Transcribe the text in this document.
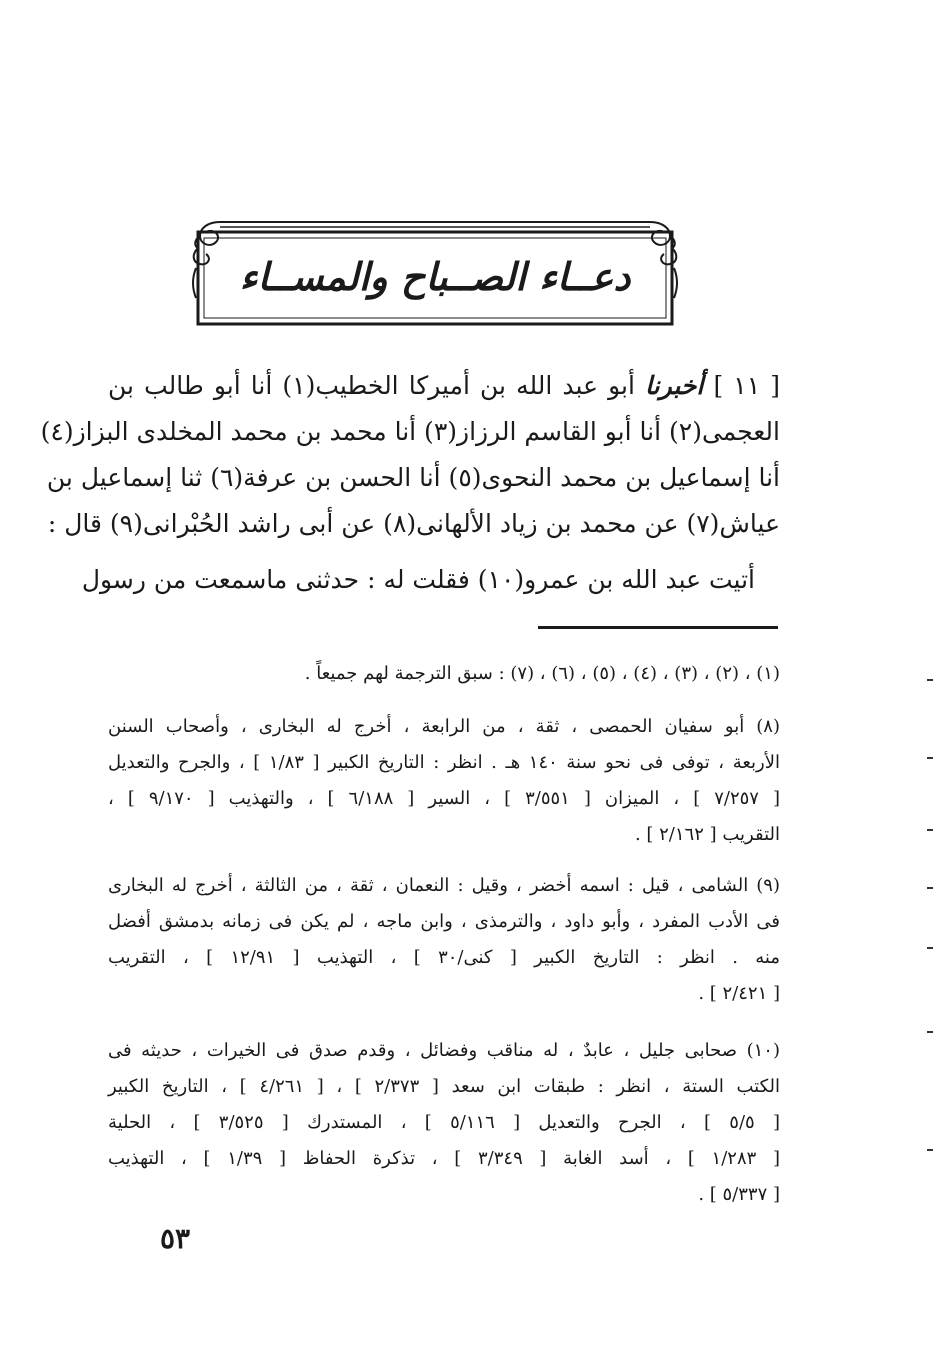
دعــاء الصــباح والمســاء
[ ١١ ] أخبرنا أبو عبد الله بن أميركا الخطيب(١) أنا أبو طالب بن
العجمى(٢) أنا أبو القاسم الرزاز(٣) أنا محمد بن محمد المخلدى البزاز(٤)
أنا إسماعيل بن محمد النحوى(٥) أنا الحسن بن عرفة(٦) ثنا إسماعيل بن
عياش(٧) عن محمد بن زياد الألهانى(٨) عن أبى راشد الحُبْرانى(٩) قال :
أتيت عبد الله بن عمرو(١٠) فقلت له : حدثنى ماسمعت من رسول
(١) ، (٢) ، (٣) ، (٤) ، (٥) ، (٦) ، (٧) : سبق الترجمة لهم جميعاً .
(٨) أبو سفيان الحمصى ، ثقة ، من الرابعة ، أخرج له البخارى ، وأصحاب السنن
الأربعة ، توفى فى نحو سنة ١٤٠ هـ . انظر : التاريخ الكبير [ ١/٨٣ ] ، والجرح والتعديل
[ ٧/٢٥٧ ] ، الميزان [ ٣/٥٥١ ] ، السير [ ٦/١٨٨ ] ، والتهذيب [ ٩/١٧٠ ] ،
التقريب [ ٢/١٦٢ ] .
(٩) الشامى ، قيل : اسمه أخضر ، وقيل : النعمان ، ثقة ، من الثالثة ، أخرج له البخارى
فى الأدب المفرد ، وأبو داود ، والترمذى ، وابن ماجه ، لم يكن فى زمانه بدمشق أفضل
منه . انظر : التاريخ الكبير [ كنى/٣٠ ] ، التهذيب [ ١٢/٩١ ] ، التقريب
[ ٢/٤٢١ ] .
(١٠) صحابى جليل ، عابدٌ ، له مناقب وفضائل ، وقدم صدق فى الخيرات ، حديثه فى
الكتب الستة ، انظر : طبقات ابن سعد [ ٢/٣٧٣ ] ، [ ٤/٢٦١ ] ، التاريخ الكبير
[ ٥/٥ ] ، الجرح والتعديل [ ٥/١١٦ ] ، المستدرك [ ٣/٥٢٥ ] ، الحلية
[ ١/٢٨٣ ] ، أسد الغابة [ ٣/٣٤٩ ] ، تذكرة الحفاظ [ ١/٣٩ ] ، التهذيب
[ ٥/٣٣٧ ] .
٥٣
